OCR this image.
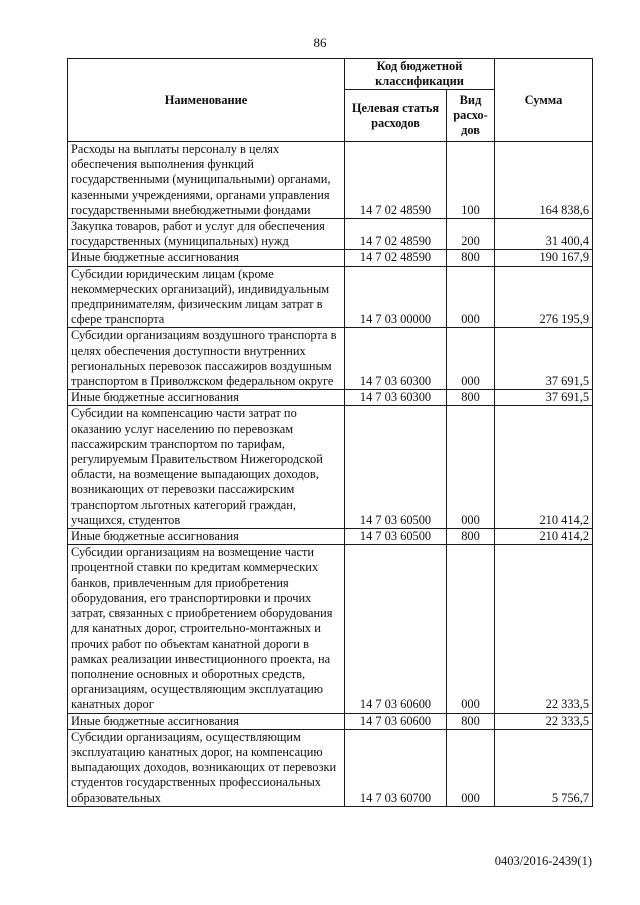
86
Наименование	Код бюджетной классификации		Сумма
	Целевая статья расходов	Вид расхо-дов	
Расходы на выплаты персоналу в целях обеспечения выполнения функций государственными (муниципальными) органами, казенными учреждениями, органами управления государственными внебюджетными фондами	14 7 02 48590	100	164 838,6
Закупка товаров, работ и услуг для обеспечения государственных (муниципальных) нужд	14 7 02 48590	200	31 400,4
Иные бюджетные ассигнования	14 7 02 48590	800	190 167,9
Субсидии юридическим лицам (кроме некоммерческих организаций), индивидуальным предпринимателям, физическим лицам затрат в сфере транспорта	14 7 03 00000	000	276 195,9
Субсидии организациям воздушного транспорта в целях обеспечения доступности внутренних региональных перевозок пассажиров воздушным транспортом в Приволжском федеральном округе	14 7 03 60300	000	37 691,5
Иные бюджетные ассигнования	14 7 03 60300	800	37 691,5
Субсидии на компенсацию части затрат по оказанию услуг населению по перевозкам пассажирским транспортом по тарифам, регулируемым Правительством Нижегородской области, на возмещение выпадающих доходов, возникающих от перевозки пассажирским транспортом льготных категорий граждан, учащихся, студентов	14 7 03 60500	000	210 414,2
Иные бюджетные ассигнования	14 7 03 60500	800	210 414,2
Субсидии организациям на возмещение части процентной ставки по кредитам коммерческих банков, привлеченным для приобретения оборудования, его транспортировки и прочих затрат, связанных с приобретением оборудования для канатных дорог, строительно-монтажных и прочих работ по объектам канатной дороги в рамках реализации инвестиционного проекта, на пополнение основных и оборотных средств, организациям, осуществляющим эксплуатацию канатных дорог	14 7 03 60600	000	22 333,5
Иные бюджетные ассигнования	14 7 03 60600	800	22 333,5
Субсидии организациям, осуществляющим эксплуатацию канатных дорог, на компенсацию выпадающих доходов, возникающих от перевозки студентов государственных профессиональных образовательных	14 7 03 60700	000	5 756,7
0403/2016-2439(1)
